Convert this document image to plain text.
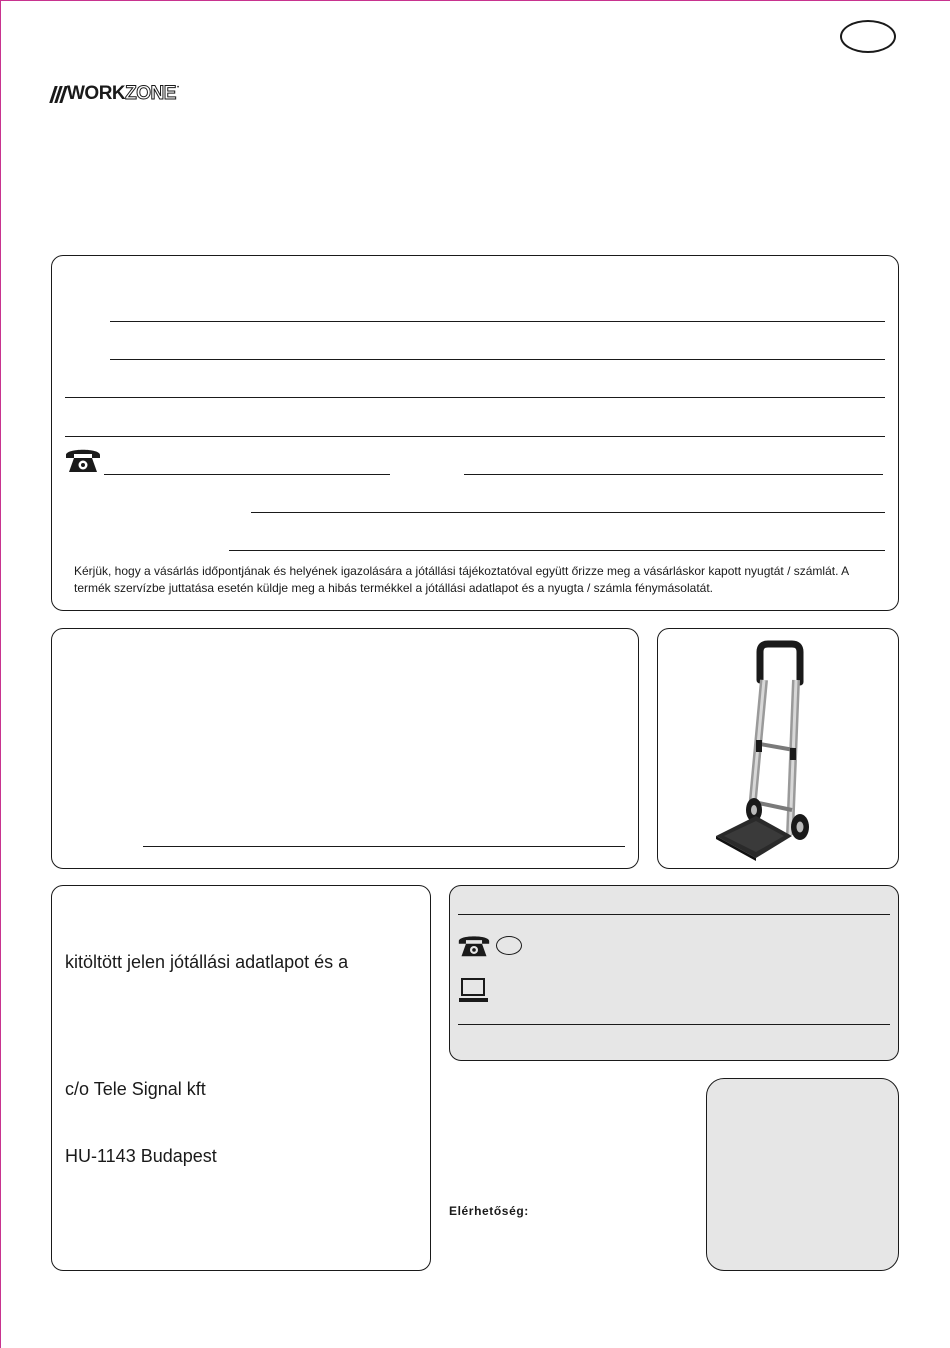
WORK ZONE •
Kérjük, hogy a vásárlás időpontjának és helyének igazolására a jótállási tájékoztatóval együtt őrizze meg a vásárláskor kapott nyugtát / számlát. A termék szervízbe juttatása esetén küldje meg a hibás termékkel a jótállási adatlapot és a nyugta / számla fénymásolatát.
kitöltött jelen jótállási adatlapot és a
c/o Tele Signal kft
HU-1143 Budapest
Elérhetőség:
